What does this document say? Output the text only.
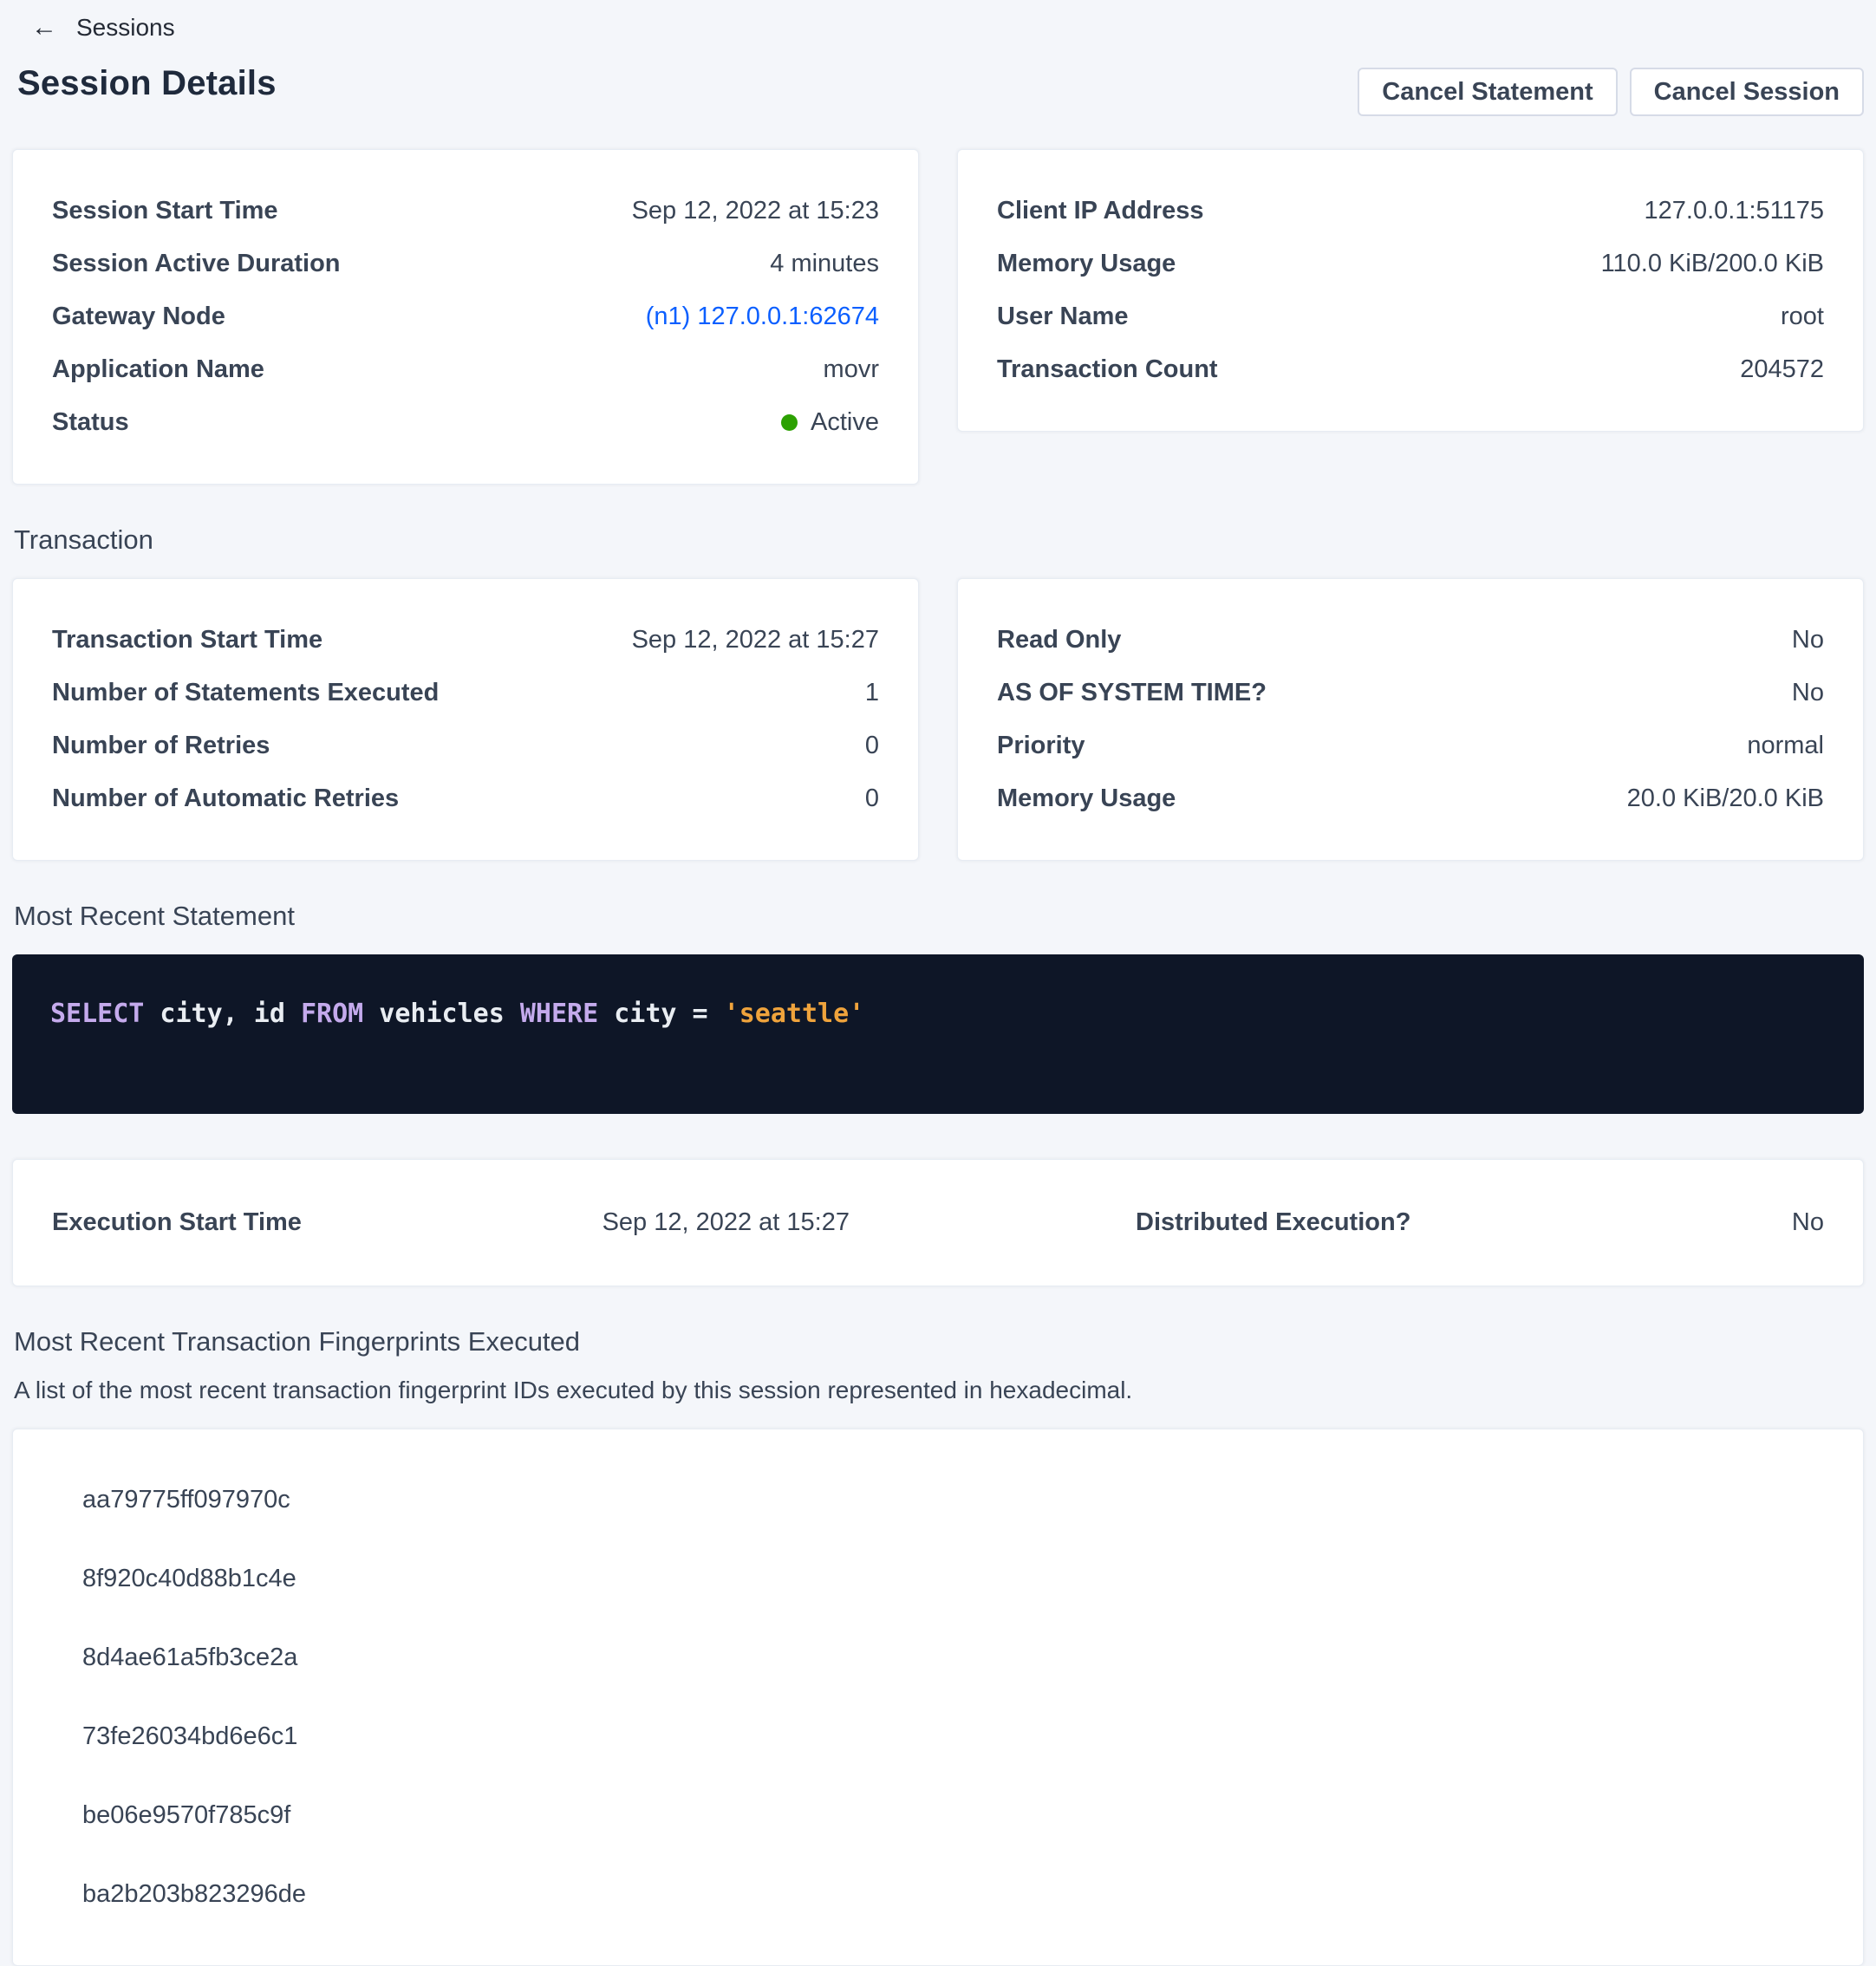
← Sessions
Session Details	Cancel Statement	Cancel Session
Session Start Time	Sep 12, 2022 at 15:23
Session Active Duration	4 minutes
Gateway Node	(n1) 127.0.0.1:62674
Application Name	movr
Status	Active
Client IP Address	127.0.0.1:51175
Memory Usage	110.0 KiB/200.0 KiB
User Name	root
Transaction Count	204572
Transaction
Transaction Start Time	Sep 12, 2022 at 15:27
Number of Statements Executed	1
Number of Retries	0
Number of Automatic Retries	0
Read Only	No
AS OF SYSTEM TIME?	No
Priority	normal
Memory Usage	20.0 KiB/20.0 KiB
Most Recent Statement
SELECT city, id FROM vehicles WHERE city = 'seattle'
Execution Start Time	Sep 12, 2022 at 15:27	Distributed Execution?	No
Most Recent Transaction Fingerprints Executed

A list of the most recent transaction fingerprint IDs executed by this session represented in hexadecimal.

aa79775ff097970c
8f920c40d88b1c4e
8d4ae61a5fb3ce2a
73fe26034bd6e6c1
be06e9570f785c9f
ba2b203b823296de
